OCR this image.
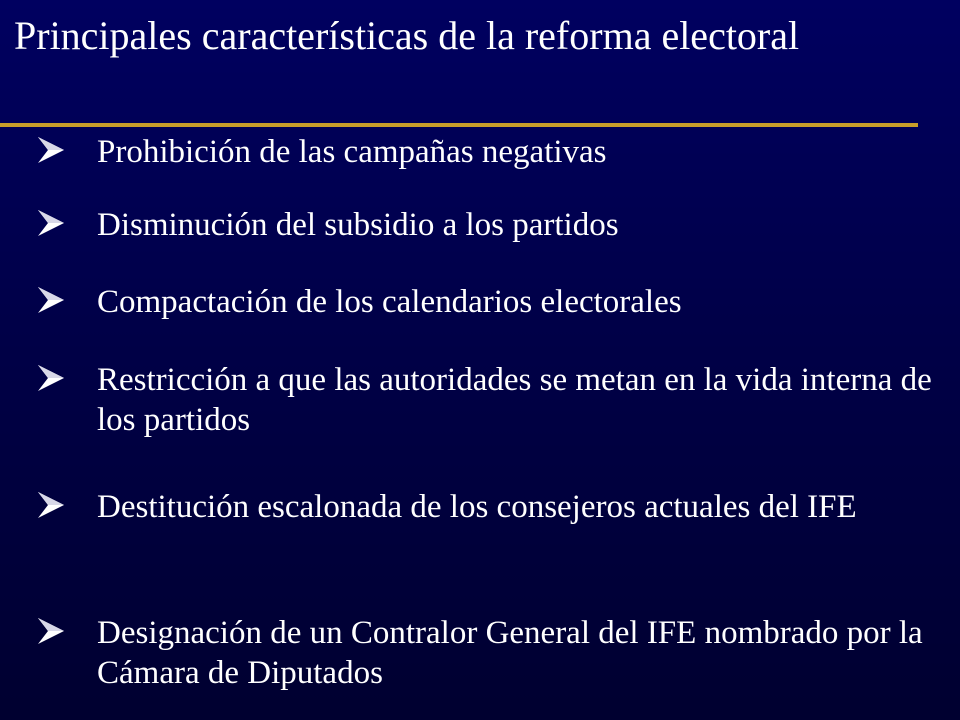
Principales características de la reforma electoral
Prohibición de las campañas negativas
Disminución del subsidio a los partidos
Compactación de los calendarios electorales
Restricción a que las autoridades se metan en la vida interna de los partidos
Destitución escalonada de los consejeros actuales del IFE
Designación de un Contralor General del IFE nombrado por la Cámara de Diputados
